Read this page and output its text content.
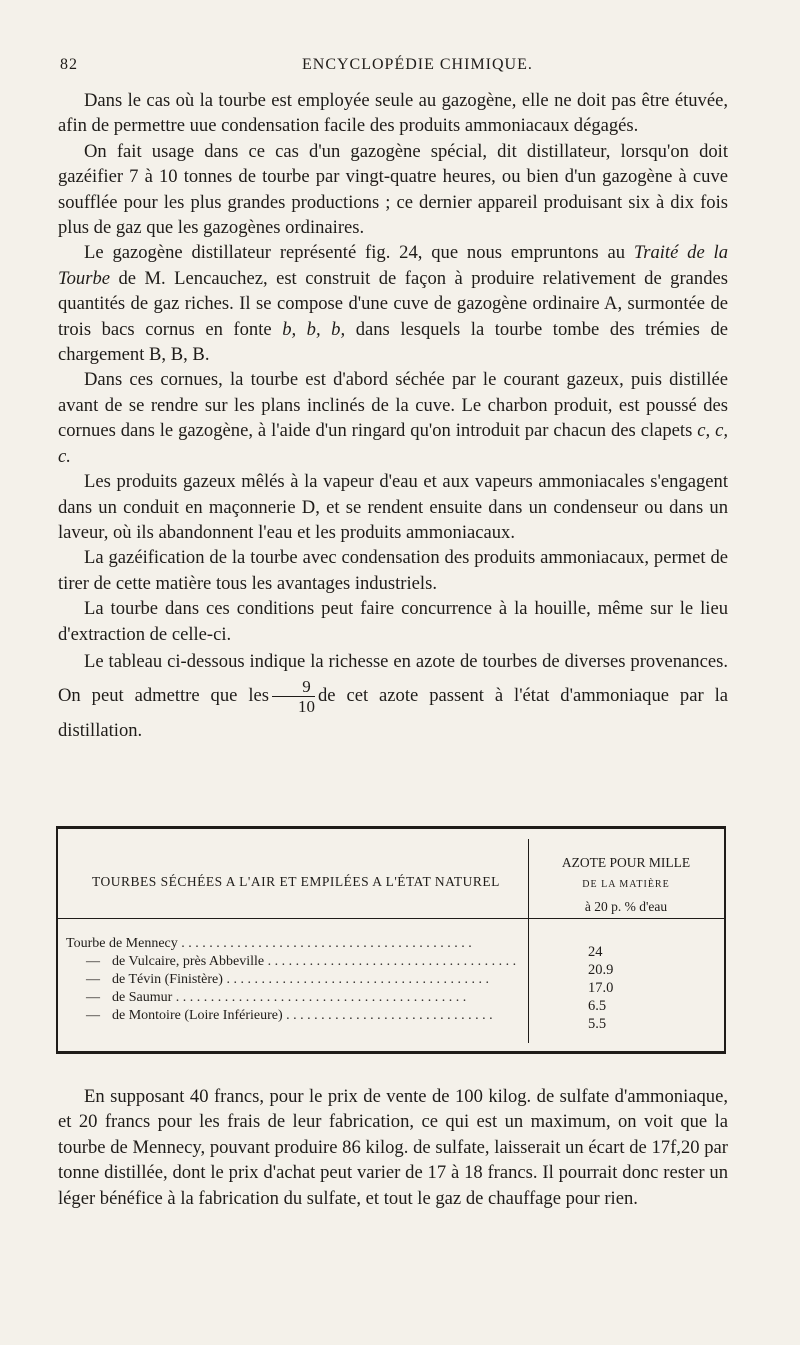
82	ENCYCLOPÉDIE CHIMIQUE.

Dans le cas où la tourbe est employée seule au gazogène, elle ne doit pas être étuvée, afin de permettre uue condensation facile des produits ammoniacaux dégagés.

On fait usage dans ce cas d'un gazogène spécial, dit distillateur, lorsqu'on doit gazéifier 7 à 10 tonnes de tourbe par vingt-quatre heures, ou bien d'un gazogène à cuve soufflée pour les plus grandes productions ; ce dernier appareil produisant six à dix fois plus de gaz que les gazogènes ordinaires.

Le gazogène distillateur représenté fig. 24, que nous empruntons au Traité de la Tourbe de M. Lencauchez, est construit de façon à produire relativement de grandes quantités de gaz riches. Il se compose d'une cuve de gazogène ordinaire A, surmontée de trois bacs cornus en fonte b, b, b, dans lesquels la tourbe tombe des trémies de chargement B, B, B.

Dans ces cornues, la tourbe est d'abord séchée par le courant gazeux, puis distillée avant de se rendre sur les plans inclinés de la cuve. Le charbon produit, est poussé des cornues dans le gazogène, à l'aide d'un ringard qu'on introduit par chacun des clapets c, c, c.

Les produits gazeux mêlés à la vapeur d'eau et aux vapeurs ammoniacales s'engagent dans un conduit en maçonnerie D, et se rendent ensuite dans un condenseur ou dans un laveur, où ils abandonnent l'eau et les produits ammoniacaux.

La gazéification de la tourbe avec condensation des produits ammoniacaux, permet de tirer de cette matière tous les avantages industriels.

La tourbe dans ces conditions peut faire concurrence à la houille, même sur le lieu d'extraction de celle-ci.

Le tableau ci-dessous indique la richesse en azote de tourbes de diverses provenances. On peut admettre que les $\frac{9}{10}$ de cet azote passent à l'état d'ammoniaque par la distillation.

TOURBES SÉCHÉES A L'AIR ET EMPILÉES A L'ÉTAT NATUREL
AZOTE POUR MILLE
DE LA MATIÈRE
à 20 p. % d'eau
Tourbe de Mennecy . . . . . . . . . . . . . . . . . . . . . . . . . . . . . . . . . . . . . . . . . .
— de Vulcaire, près Abbeville . . . . . . . . . . . . . . . . . . . . . . . . . . . . . . . . . . . .
— de Tévin (Finistère) . . . . . . . . . . . . . . . . . . . . . . . . . . . . . . . . . . . . . .
— de Saumur . . . . . . . . . . . . . . . . . . . . . . . . . . . . . . . . . . . . . . . . . .
— de Montoire (Loire Inférieure) . . . . . . . . . . . . . . . . . . . . . . . . . . . . . .
24
20.9
17.0
6.5
5.5

En supposant 40 francs, pour le prix de vente de 100 kilog. de sulfate d'ammoniaque, et 20 francs pour les frais de leur fabrication, ce qui est un maximum, on voit que la tourbe de Mennecy, pouvant produire 86 kilog. de sulfate, laisserait un écart de 17f,20 par tonne distillée, dont le prix d'achat peut varier de 17 à 18 francs. Il pourrait donc rester un léger bénéfice à la fabrication du sulfate, et tout le gaz de chauffage pour rien.
